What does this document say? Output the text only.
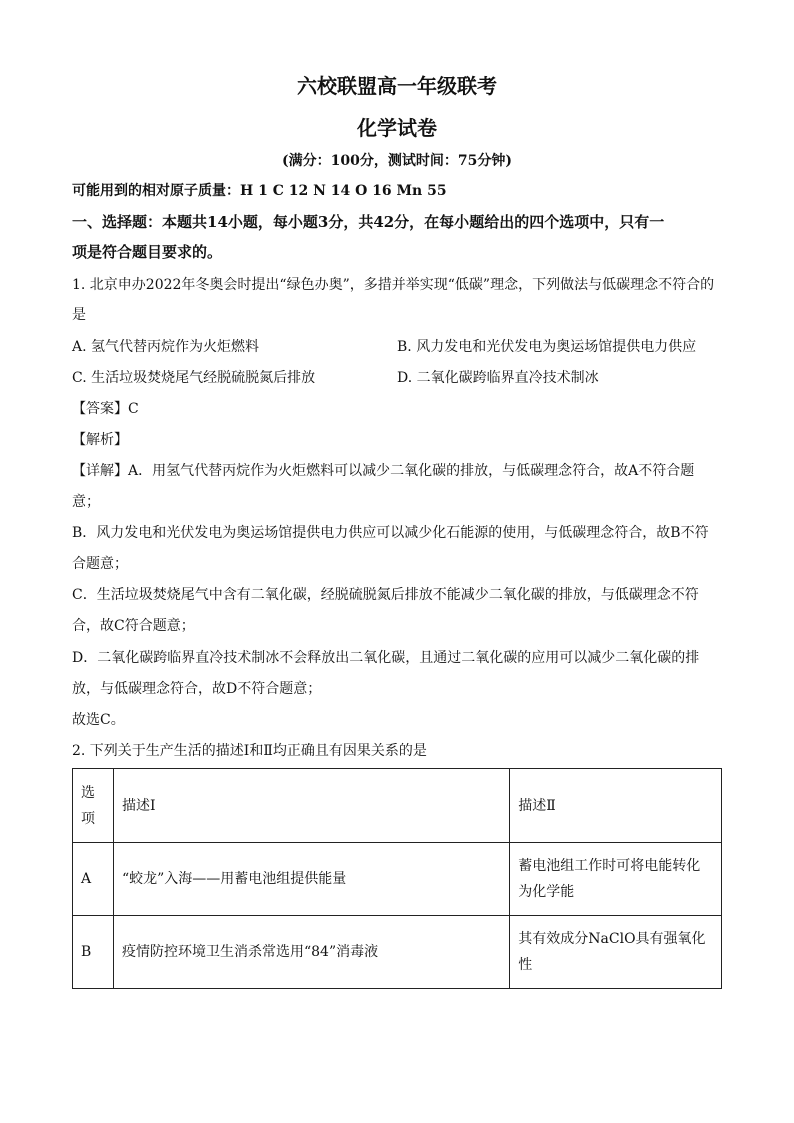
六校联盟高一年级联考
化学试卷
(满分：100分，测试时间：75分钟)

可能用到的相对原子质量：H 1 C 12 N 14 O 16 Mn 55

一、选择题：本题共14小题，每小题3分，共42分，在每小题给出的四个选项中，只有一

项是符合题目要求的。

1. 北京申办2022年冬奥会时提出“绿色办奥”，多措并举实现“低碳”理念，下列做法与低碳理念不符合的

是

A. 氢气代替丙烷作为火炬燃料	B. 风力发电和光伏发电为奥运场馆提供电力供应

C. 生活垃圾焚烧尾气经脱硫脱氮后排放	D. 二氧化碳跨临界直冷技术制冰

【答案】C

【解析】

【详解】A．用氢气代替丙烷作为火炬燃料可以减少二氧化碳的排放，与低碳理念符合，故A不符合题

意；

B．风力发电和光伏发电为奥运场馆提供电力供应可以减少化石能源的使用，与低碳理念符合，故B不符

合题意；

C．生活垃圾焚烧尾气中含有二氧化碳，经脱硫脱氮后排放不能减少二氧化碳的排放，与低碳理念不符

合，故C符合题意；

D．二氧化碳跨临界直冷技术制冰不会释放出二氧化碳，且通过二氧化碳的应用可以减少二氧化碳的排

放，与低碳理念符合，故D不符合题意；

故选C。

2. 下列关于生产生活的描述Ⅰ和Ⅱ均正确且有因果关系的是

选项	描述Ⅰ	描述Ⅱ
A	“蛟龙”入海——用蓄电池组提供能量	蓄电池组工作时可将电能转化为化学能
B	疫情防控环境卫生消杀常选用“84”消毒液	其有效成分NaClO具有强氧化性
